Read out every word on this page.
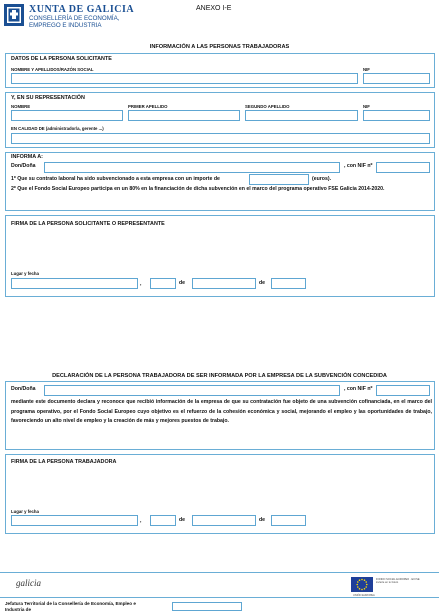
XUNTA DE GALICIA
CONSELLERÍA DE ECONOMÍA,
EMPREGO E INDUSTRIA
ANEXO I-E
INFORMACIÓN A LAS PERSONAS TRABAJADORAS
DATOS DE LA PERSONA SOLICITANTE
NOMBRE Y APELLIDOS/RAZÓN SOCIAL	NIF
Y, EN SU REPRESENTACIÓN
NOMBRE	PRIMER APELLIDO	SEGUNDO APELLIDO	NIF
EN CALIDAD DE (administrador/a, gerente ...)
INFORMA A:
Don/Doña	, con NIF nº
1º Que su contrato laboral ha sido subvencionado a esta empresa con un importe de	(euros).
2º Que el Fondo Social Europeo participa en un 80% en la financiación de dicha subvención en el marco del programa operativo FSE Galicia 2014-2020.
FIRMA DE LA PERSONA SOLICITANTE O REPRESENTANTE
Lugar y fecha
,	de	de
DECLARACIÓN DE LA PERSONA TRABAJADORA DE SER INFORMADA POR LA EMPRESA DE LA SUBVENCIÓN CONCEDIDA
Don/Doña	, con NIF nº
mediante este documento declara y reconoce que recibió información de la empresa de que su contratación fue objeto de una subvención cofinanciada, en el marco del programa operativo, por el Fondo Social Europeo cuyo objetivo es el refuerzo de la cohesión económica y social, mejorando el empleo y las oportunidades de trabajo, favoreciendo un alto nivel de empleo y la creación de más y mejores puestos de trabajo.
FIRMA DE LA PERSONA TRABAJADORA
Lugar y fecha
,	de	de
galicia	FONDO SOCIAL EUROPEO · El FSE invierte en tu futuro
UNIÓN EUROPEA
Jefatura Territorial de la Consellería de Economía, Empleo e
Industria de
